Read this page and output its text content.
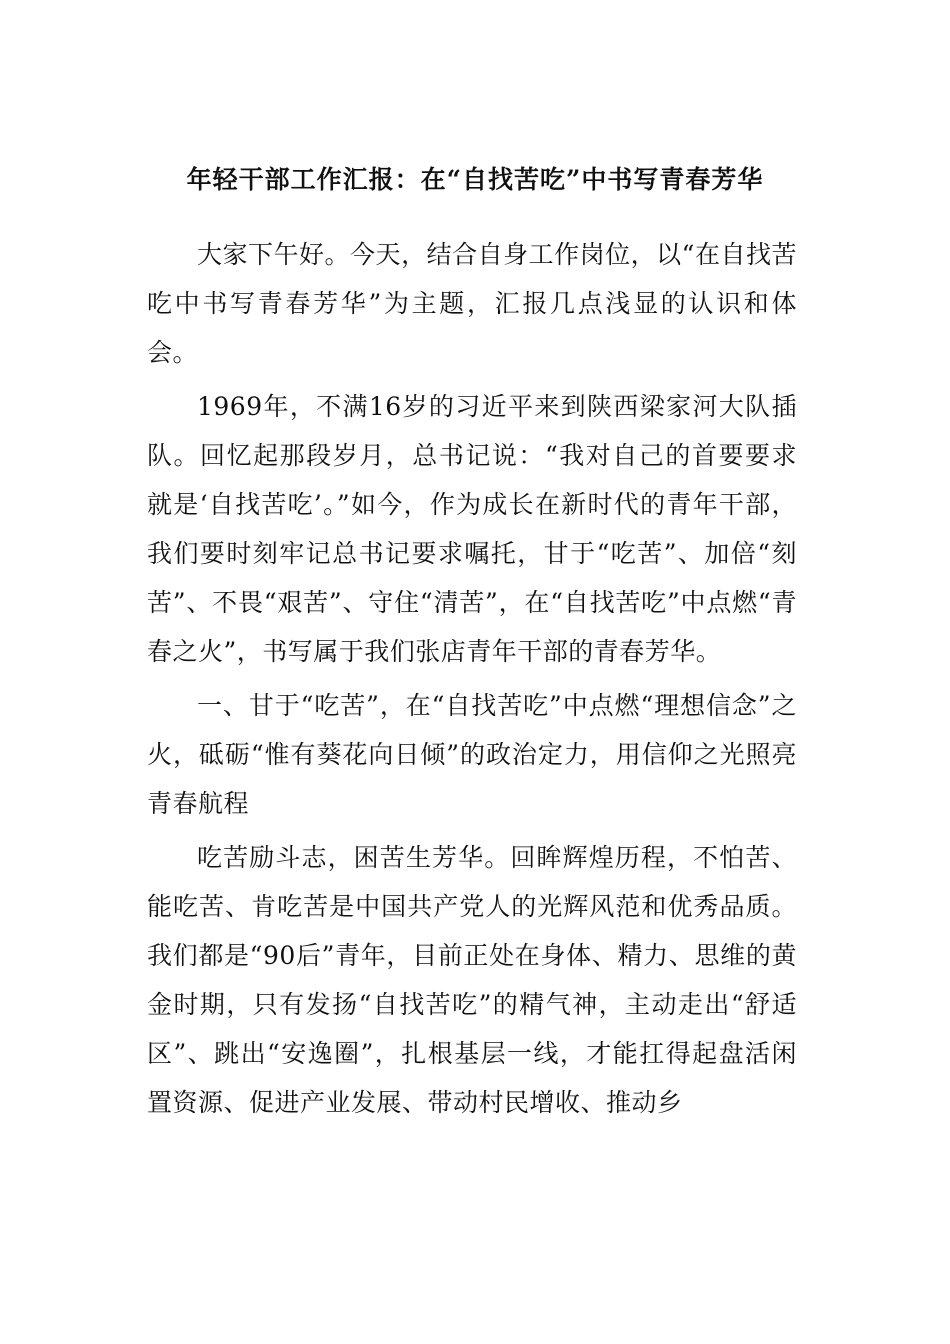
年轻干部工作汇报：在“自找苦吃”中书写青春芳华

大家下午好。今天，结合自身工作岗位，以“在自找苦吃中书写青春芳华”为主题，汇报几点浅显的认识和体会。

1969年，不满16岁的习近平来到陕西梁家河大队插队。回忆起那段岁月，总书记说：“我对自己的首要要求就是‘自找苦吃’。”如今，作为成长在新时代的青年干部，我们要时刻牢记总书记要求嘱托，甘于“吃苦”、加倍“刻苦”、不畏“艰苦”、守住“清苦”，在“自找苦吃”中点燃“青春之火”，书写属于我们张店青年干部的青春芳华。

一、甘于“吃苦”，在“自找苦吃”中点燃“理想信念”之火，砥砺“惟有葵花向日倾”的政治定力，用信仰之光照亮青春航程

吃苦励斗志，困苦生芳华。回眸辉煌历程，不怕苦、能吃苦、肯吃苦是中国共产党人的光辉风范和优秀品质。我们都是“90后”青年，目前正处在身体、精力、思维的黄金时期，只有发扬“自找苦吃”的精气神，主动走出“舒适区”、跳出“安逸圈”，扎根基层一线，才能扛得起盘活闲置资源、促进产业发展、带动村民增收、推动乡
